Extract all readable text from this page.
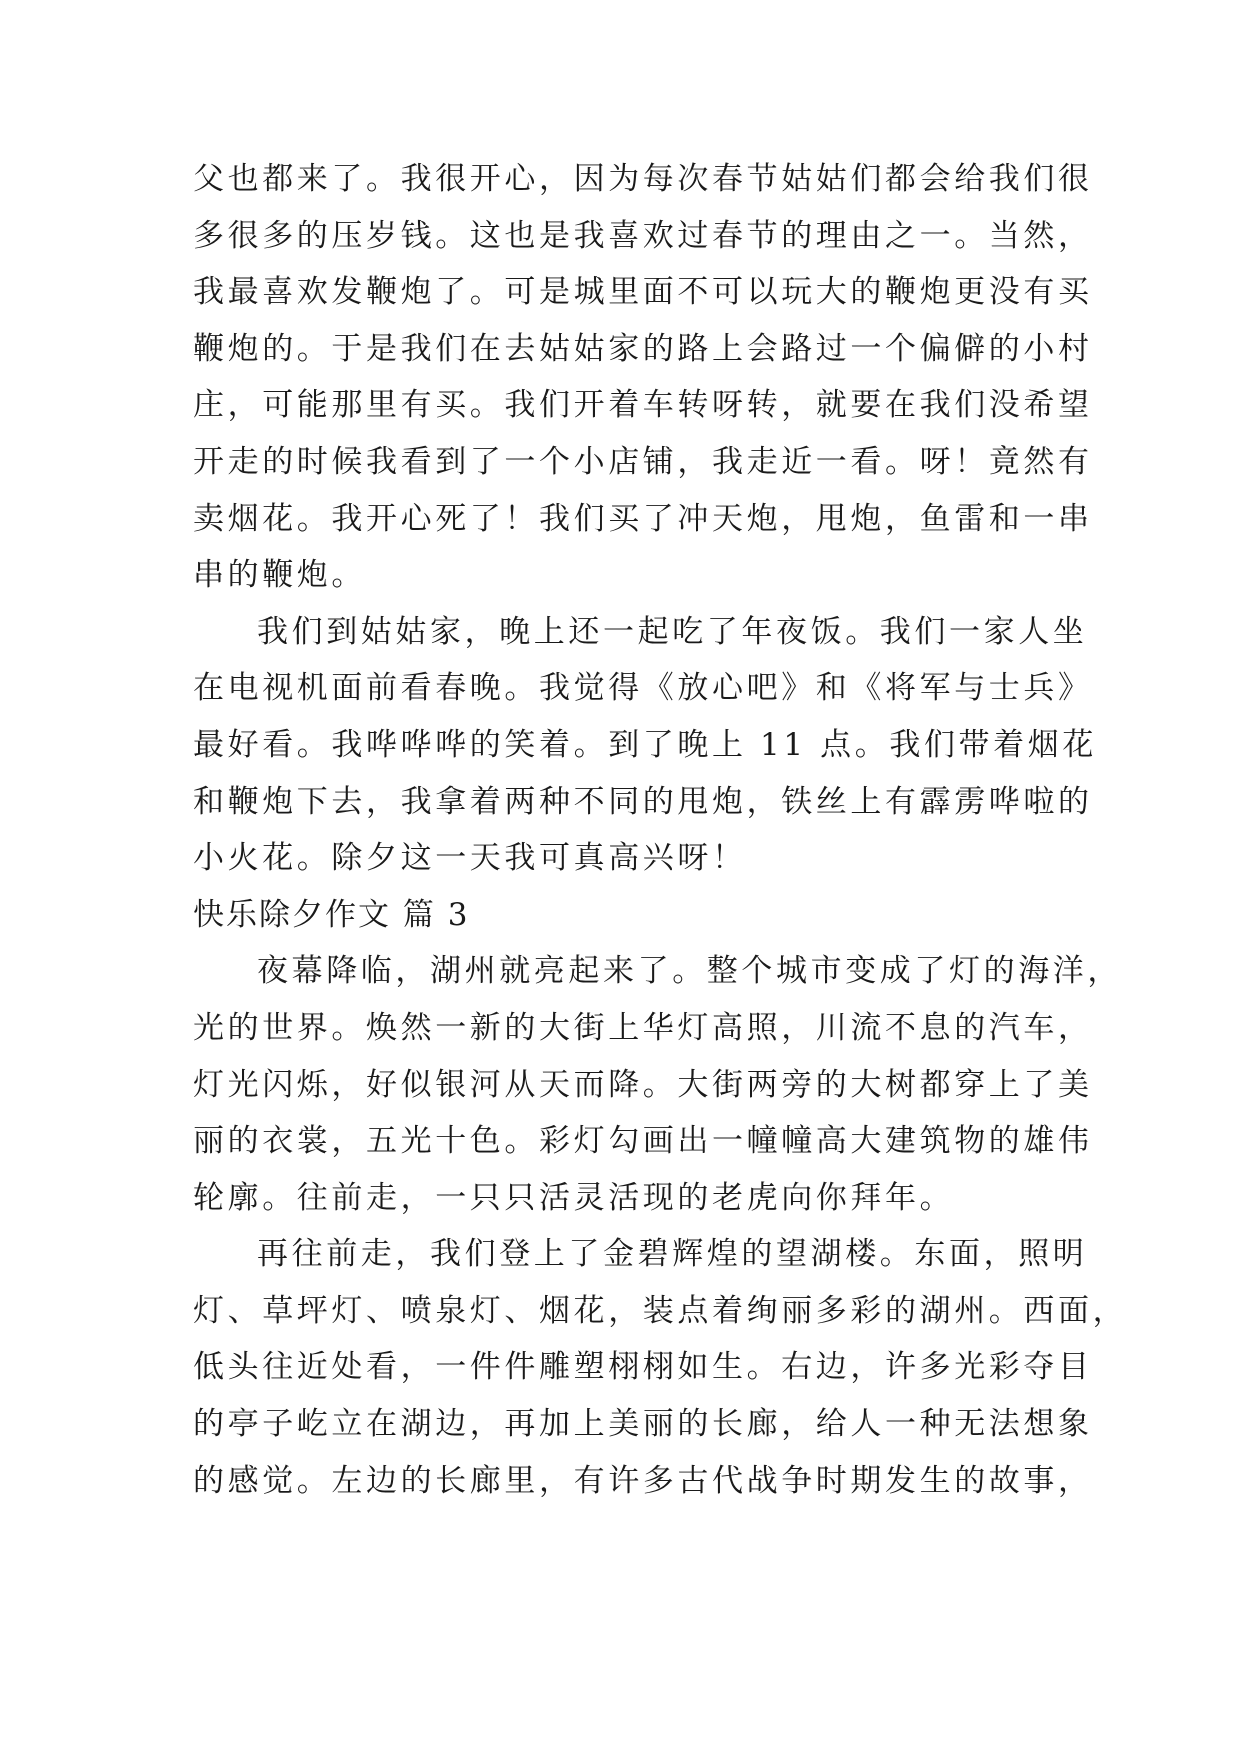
父也都来了。我很开心，因为每次春节姑姑们都会给我们很
多很多的压岁钱。这也是我喜欢过春节的理由之一。当然，
我最喜欢发鞭炮了。可是城里面不可以玩大的鞭炮更没有买
鞭炮的。于是我们在去姑姑家的路上会路过一个偏僻的小村
庄，可能那里有买。我们开着车转呀转，就要在我们没希望
开走的时候我看到了一个小店铺，我走近一看。呀！竟然有
卖烟花。我开心死了！我们买了冲天炮，甩炮，鱼雷和一串
串的鞭炮。
我们到姑姑家，晚上还一起吃了年夜饭。我们一家人坐
在电视机面前看春晚。我觉得《放心吧》和《将军与士兵》
最好看。我哗哗哗的笑着。到了晚上 11 点。我们带着烟花
和鞭炮下去，我拿着两种不同的甩炮，铁丝上有霹雳哗啦的
小火花。除夕这一天我可真高兴呀！
快乐除夕作文 篇 3
夜幕降临，湖州就亮起来了。整个城市变成了灯的海洋，
光的世界。焕然一新的大街上华灯高照，川流不息的汽车，
灯光闪烁，好似银河从天而降。大街两旁的大树都穿上了美
丽的衣裳，五光十色。彩灯勾画出一幢幢高大建筑物的雄伟
轮廓。往前走，一只只活灵活现的老虎向你拜年。
再往前走，我们登上了金碧辉煌的望湖楼。东面，照明
灯、草坪灯、喷泉灯、烟花，装点着绚丽多彩的湖州。西面，
低头往近处看，一件件雕塑栩栩如生。右边，许多光彩夺目
的亭子屹立在湖边，再加上美丽的长廊，给人一种无法想象
的感觉。左边的长廊里，有许多古代战争时期发生的故事，
